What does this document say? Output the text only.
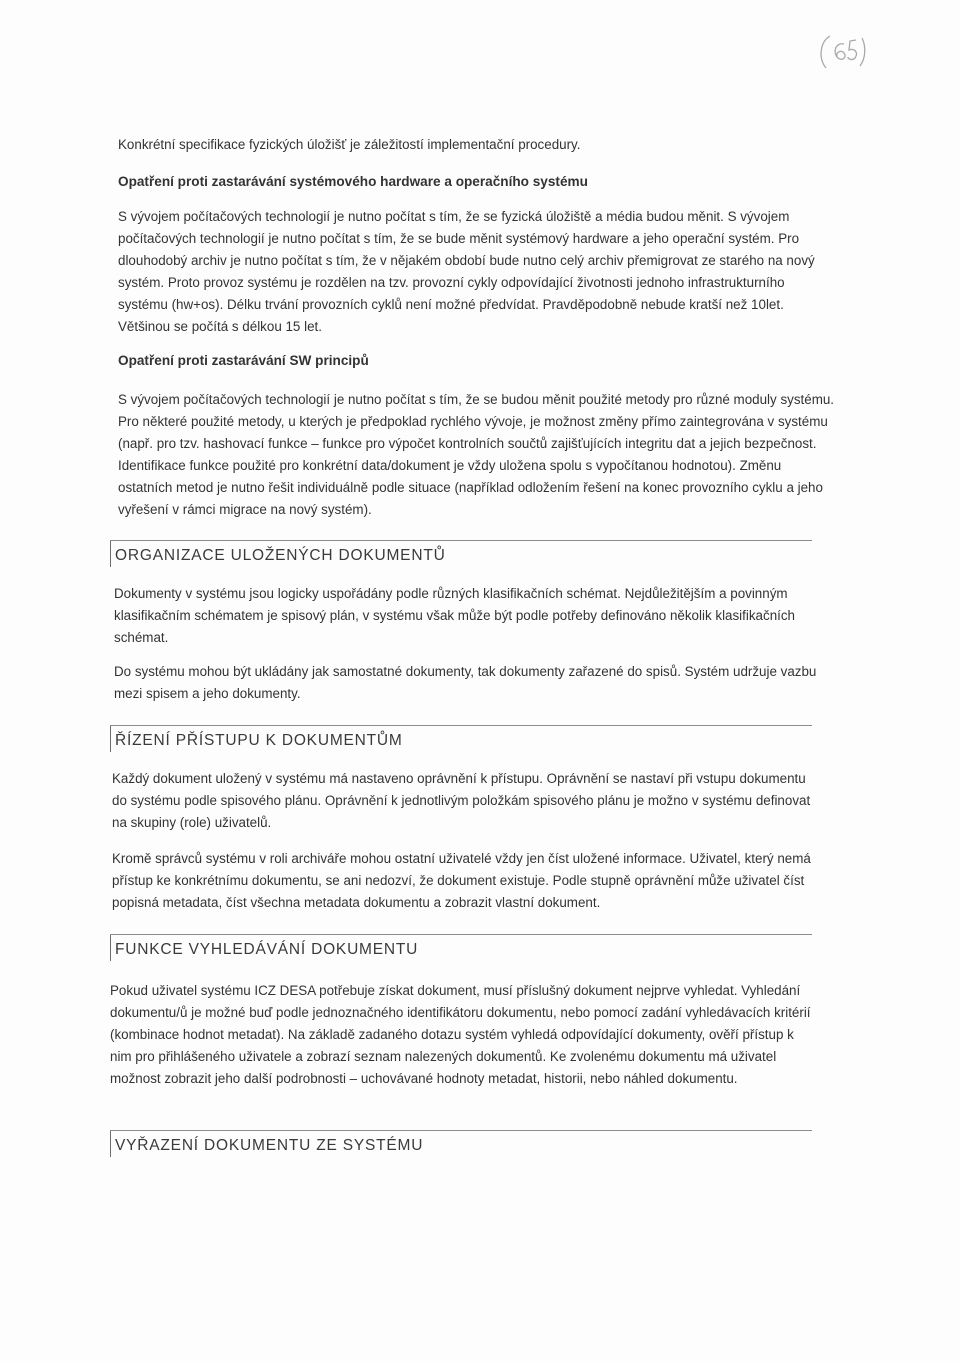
Konkrétní specifikace fyzických úložišť je záležitostí implementační procedury.

Opatření proti zastarávání systémového hardware a operačního systému

S vývojem počítačových technologií je nutno počítat s tím, že se fyzická úložiště a média budou měnit. S vývojem počítačových technologií je nutno počítat s tím, že se bude měnit systémový hardware a jeho operační systém. Pro dlouhodobý archiv je nutno počítat s tím, že v nějakém období bude nutno celý archiv přemigrovat ze starého na nový systém. Proto provoz systému je rozdělen na tzv. provozní cykly odpovídající životnosti jednoho infrastrukturního systému (hw+os). Délku trvání provozních cyklů není možné předvídat. Pravděpodobně nebude kratší než 10let. Většinou se počítá s délkou 15 let.

Opatření proti zastarávání SW principů

S vývojem počítačových technologií je nutno počítat s tím, že se budou měnit použité metody pro různé moduly systému. Pro některé použité metody, u kterých je předpoklad rychlého vývoje, je možnost změny přímo zaintegrována v systému (např. pro tzv. hashovací funkce – funkce pro výpočet kontrolních součtů zajišťujících integritu dat a jejich bezpečnost. Identifikace funkce použité pro konkrétní data/dokument je vždy uložena spolu s vypočítanou hodnotou). Změnu ostatních metod je nutno řešit individuálně podle situace (například odložením řešení na konec provozního cyklu a jeho vyřešení v rámci migrace na nový systém).

ORGANIZACE ULOŽENÝCH DOKUMENTŮ

Dokumenty v systému jsou logicky uspořádány podle různých klasifikačních schémat. Nejdůležitějším a povinným klasifikačním schématem je spisový plán, v systému však může být podle potřeby definováno několik klasifikačních schémat.

Do systému mohou být ukládány jak samostatné dokumenty, tak dokumenty zařazené do spisů. Systém udržuje vazbu mezi spisem a jeho dokumenty.

ŘÍZENÍ PŘÍSTUPU K DOKUMENTŮM

Každý dokument uložený v systému má nastaveno oprávnění k přístupu. Oprávnění se nastaví při vstupu dokumentu do systému podle spisového plánu. Oprávnění k jednotlivým položkám spisového plánu je možno v systému definovat na skupiny (role) uživatelů.

Kromě správců systému v roli archiváře mohou ostatní uživatelé vždy jen číst uložené informace. Uživatel, který nemá přístup ke konkrétnímu dokumentu, se ani nedozví, že dokument existuje. Podle stupně oprávnění může uživatel číst popisná metadata, číst všechna metadata dokumentu a zobrazit vlastní dokument.

FUNKCE VYHLEDÁVÁNÍ DOKUMENTU

Pokud uživatel systému ICZ DESA potřebuje získat dokument, musí příslušný dokument nejprve vyhledat. Vyhledání dokumentu/ů je možné buď podle jednoznačného identifikátoru dokumentu, nebo pomocí zadání vyhledávacích kritérií (kombinace hodnot metadat). Na základě zadaného dotazu systém vyhledá odpovídající dokumenty, ověří přístup k nim pro přihlášeného uživatele a zobrazí seznam nalezených dokumentů. Ke zvolenému dokumentu má uživatel možnost zobrazit jeho další podrobnosti – uchovávané hodnoty metadat, historii, nebo náhled dokumentu.

VYŘAZENÍ DOKUMENTU ZE SYSTÉMU
